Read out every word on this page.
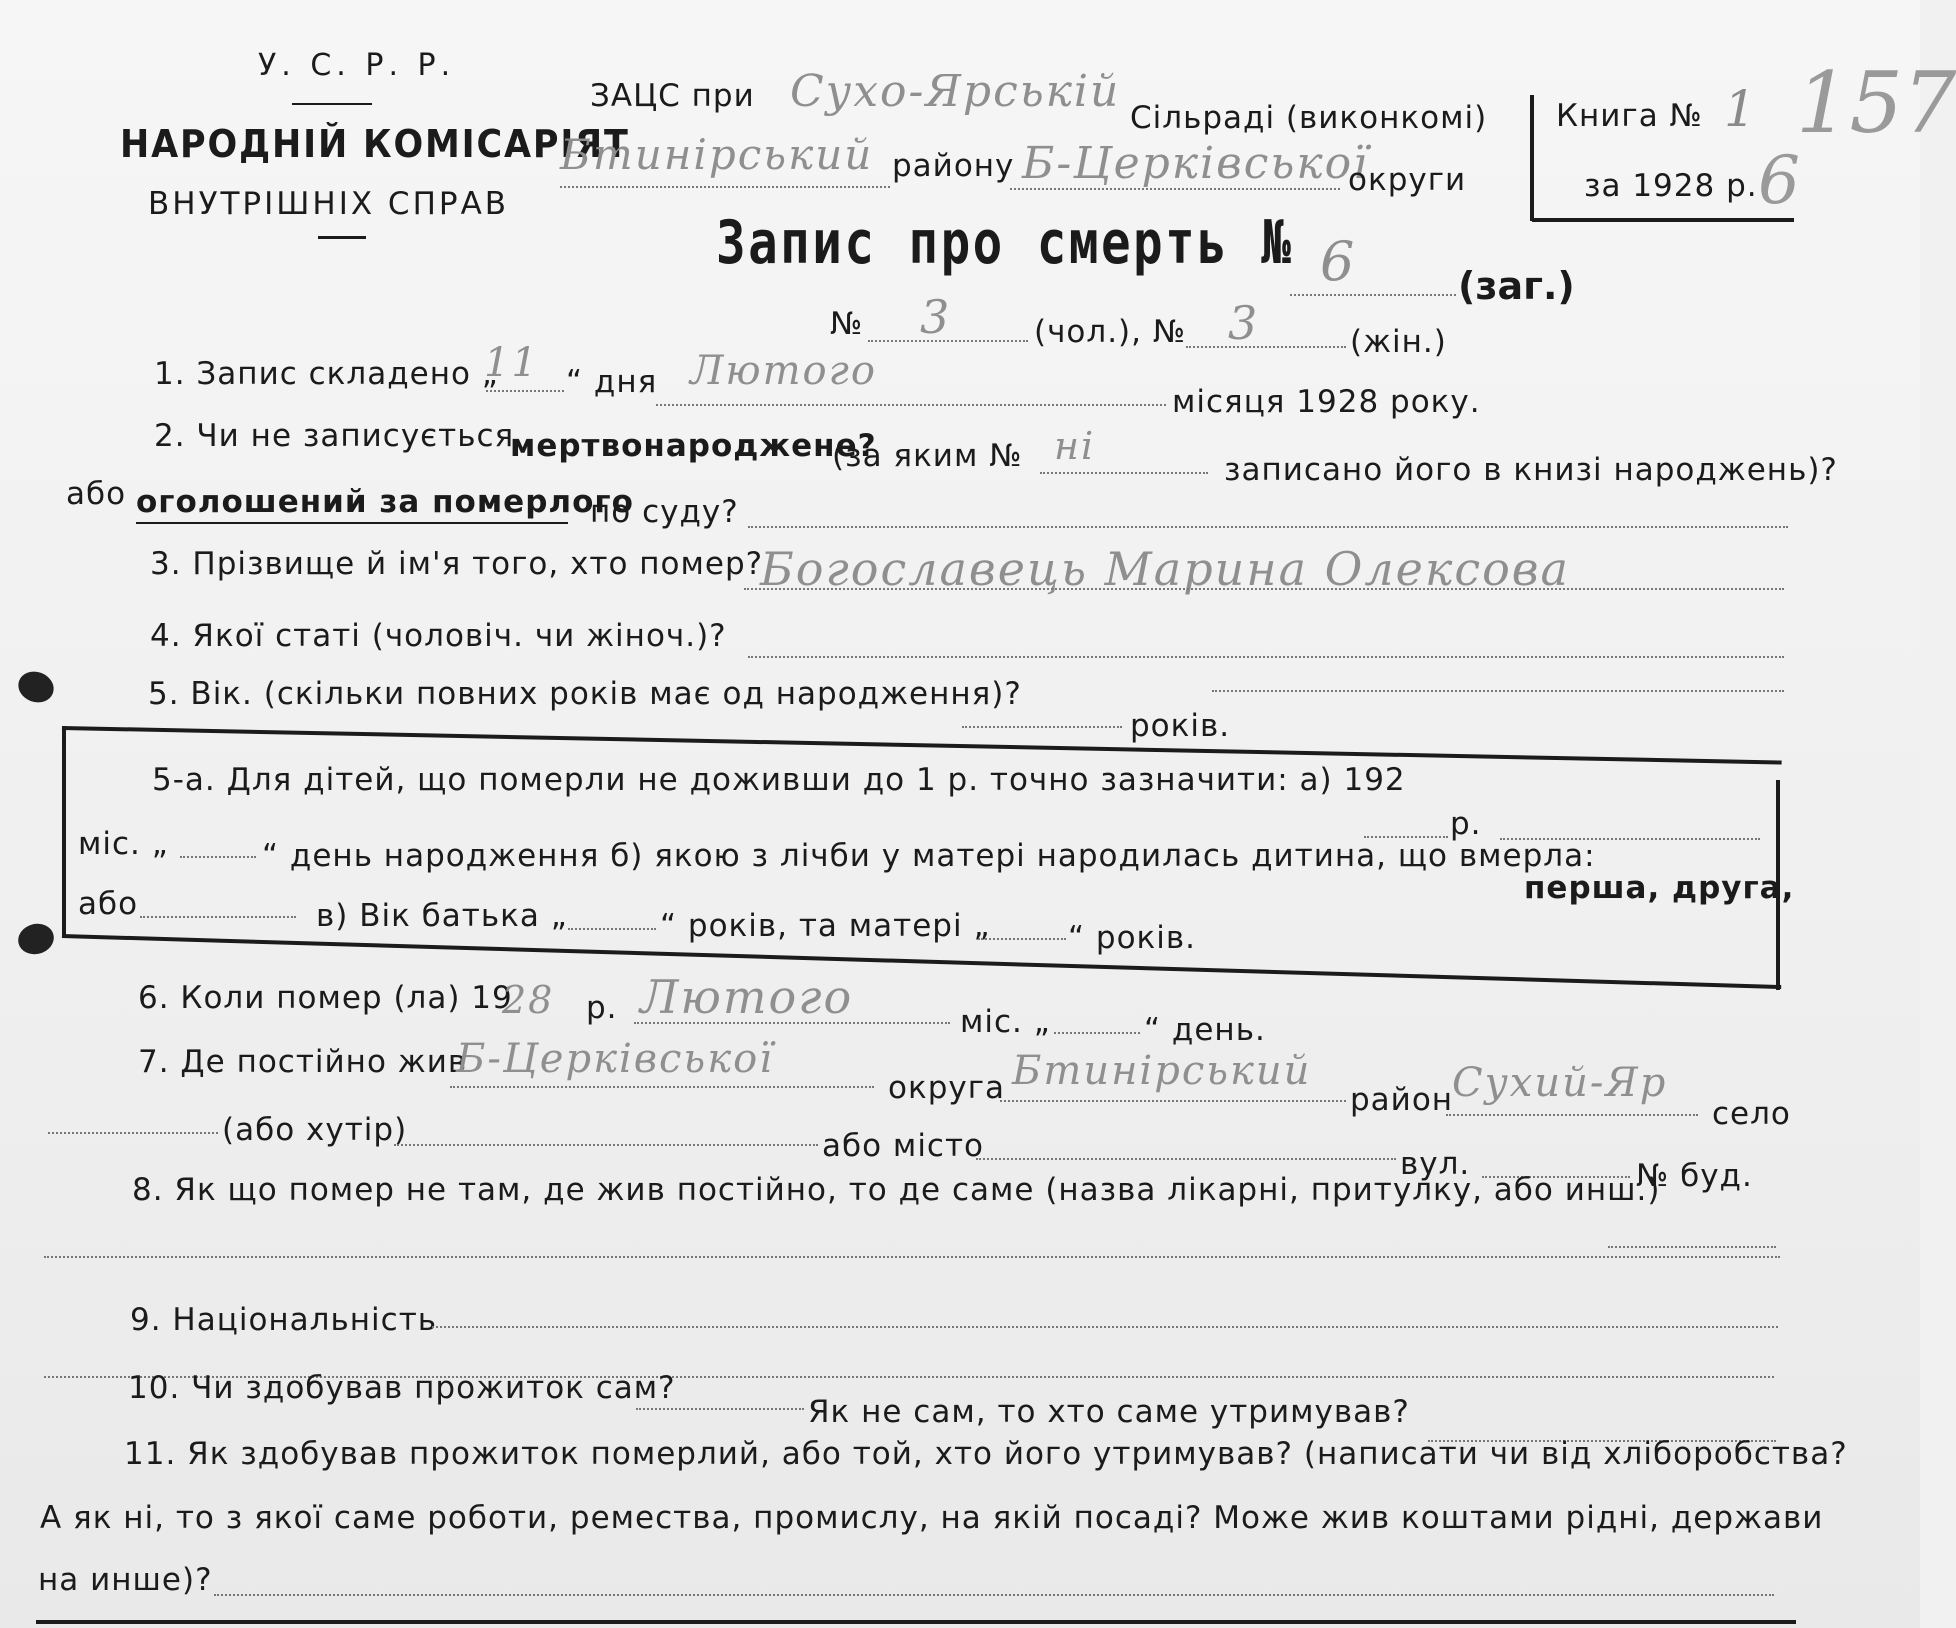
У. С. Р. Р.
НАРОДНІЙ КОМІСАРІЯТ
ВНУТРІШНІХ СПРАВ
ЗАЦС при Сухо-Ярській
Сільраді (виконкомі)
Бтинірський району Б-Церківської
округи
Книга № 1
за 1928 р.
157
6
Запис про смерть № 6	(заг.)
№ 3	(чол.), № 3	(жін.)
1. Запис складено „
11 “ дня Лютого
місяця 1928 року.
2. Чи не записується
мертвонароджене?
(за яким № ні
записано його в книзі народжень)?
або оголошений за померлого
по суду?
3. Прізвище й ім'я того, хто помер?
Богославець Марина Олексова
4. Якої статі (чоловіч. чи жіноч.)?
5. Вік. (скільки повних років має од народження)?
років.
5-а. Для дітей, що померли не доживши до 1 р. точно зазначити: а) 192
р.
міс. „	“ день народження б) якою з лічби у матері народилась дитина, що вмерла:
перша, друга,
або	в) Вік батька „	“ років, та матері „	“ років.
6. Коли помер (ла) 19
28 р. Лютого	міс. „	“ день.
7. Де постійно жив
Б-Церківської
округа Бтинірський
район
Сухий-Яр
село
(або хутір)	або місто	вул.	№ буд.
8. Як що помер не там, де жив постійно, то де саме (назва лікарні, притулку, або инш.)
9. Національність
10. Чи здобував прожиток сам?
Як не сам, то хто саме утримував?
11. Як здобував прожиток померлий, або той, хто його утримував? (написати чи від хліборобства?
А як ні, то з якої саме роботи, ремества, промислу, на якій посаді? Може жив коштами рідні, держави
на инше)?
